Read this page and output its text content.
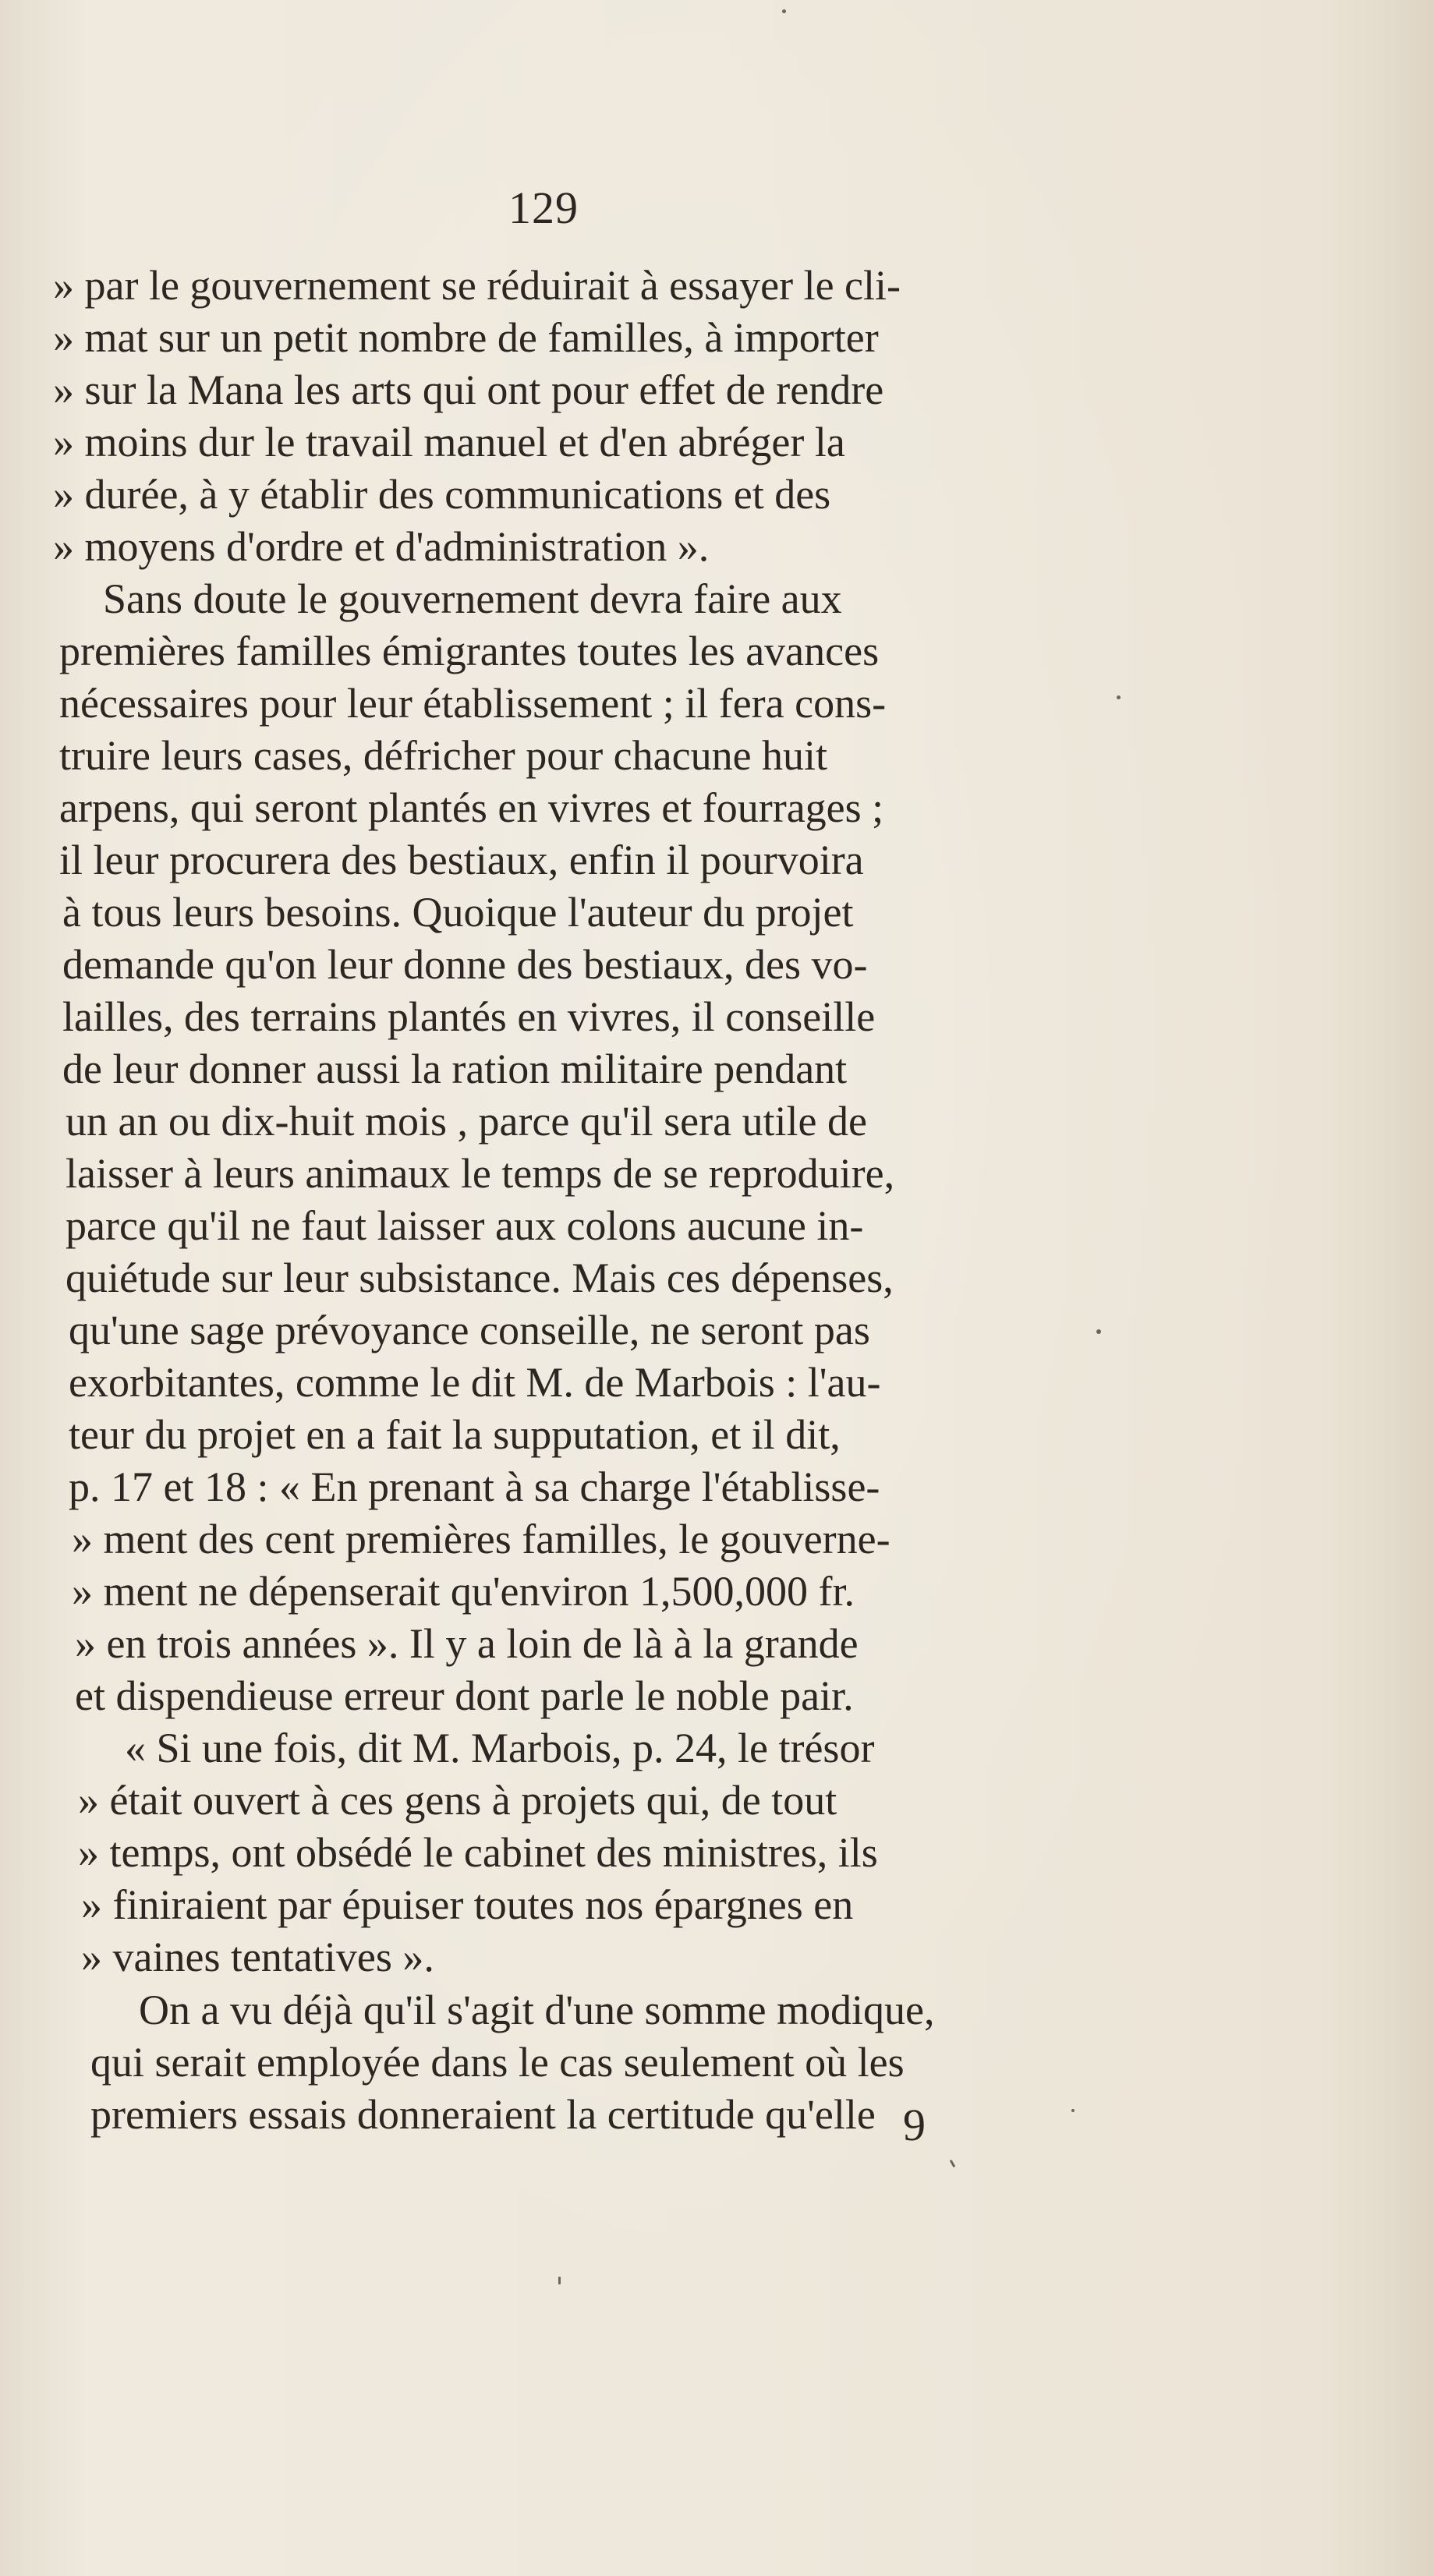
129
» par le gouvernement se réduirait à essayer le cli-
» mat sur un petit nombre de familles, à importer
» sur la Mana les arts qui ont pour effet de rendre
» moins dur le travail manuel et d'en abréger la
» durée, à y établir des communications et des
» moyens d'ordre et d'administration ».
Sans doute le gouvernement devra faire aux
premières familles émigrantes toutes les avances
nécessaires pour leur établissement ; il fera cons-
truire leurs cases, défricher pour chacune huit
arpens, qui seront plantés en vivres et fourrages ;
il leur procurera des bestiaux, enfin il pourvoira
à tous leurs besoins. Quoique l'auteur du projet
demande qu'on leur donne des bestiaux, des vo-
lailles, des terrains plantés en vivres, il conseille
de leur donner aussi la ration militaire pendant
un an ou dix-huit mois , parce qu'il sera utile de
laisser à leurs animaux le temps de se reproduire,
parce qu'il ne faut laisser aux colons aucune in-
quiétude sur leur subsistance. Mais ces dépenses,
qu'une sage prévoyance conseille, ne seront pas
exorbitantes, comme le dit M. de Marbois : l'au-
teur du projet en a fait la supputation, et il dit,
p. 17 et 18 : « En prenant à sa charge l'établisse-
» ment des cent premières familles, le gouverne-
» ment ne dépenserait qu'environ 1,500,000 fr.
» en trois années ». Il y a loin de là à la grande
et dispendieuse erreur dont parle le noble pair.
« Si une fois, dit M. Marbois, p. 24, le trésor
» était ouvert à ces gens à projets qui, de tout
» temps, ont obsédé le cabinet des ministres, ils
» finiraient par épuiser toutes nos épargnes en
» vaines tentatives ».
On a vu déjà qu'il s'agit d'une somme modique,
qui serait employée dans le cas seulement où les
premiers essais donneraient la certitude qu'elle 9
